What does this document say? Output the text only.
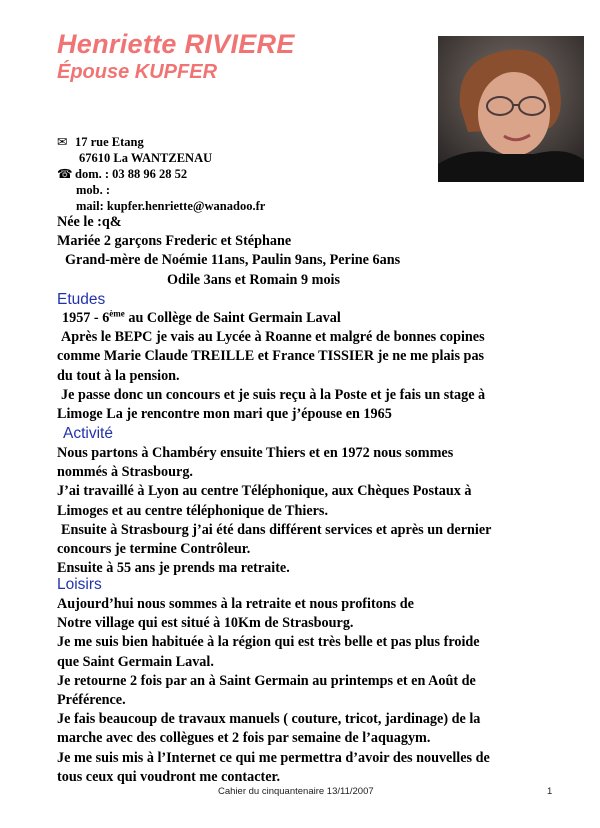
Henriette RIVIERE
Épouse KUPFER
✉ 17 rue Etang
67610 La WANTZENAU
☎ dom. : 03 88 96 28 52
mob. :
mail: kupfer.henriette@wanadoo.fr
Née le :q&
Mariée 2 garçons Frederic et Stéphane
Grand-mère de Noémie 11ans, Paulin 9ans, Perine 6ans
Odile 3ans et Romain 9 mois
Etudes
1957 - 6ème au Collège de Saint Germain Laval
Après le BEPC je vais au Lycée à Roanne et malgré de bonnes copines
comme Marie Claude TREILLE et France TISSIER je ne me plais pas
du tout à la pension.
Je passe donc un concours et je suis reçu à la Poste et je fais un stage à
Limoge La je rencontre mon mari que j’épouse en 1965
Activité
Nous partons à Chambéry ensuite Thiers et en 1972 nous sommes
nommés à Strasbourg.
J’ai travaillé à Lyon au centre Téléphonique, aux Chèques Postaux à
Limoges et au centre téléphonique de Thiers.
Ensuite à Strasbourg j’ai été dans différent services et après un dernier
concours je termine Contrôleur.
Ensuite à 55 ans je prends ma retraite.
Loisirs
Aujourd’hui nous sommes à la retraite et nous profitons de
Notre village qui est situé à 10Km de Strasbourg.
Je me suis bien habituée à la région qui est très belle et pas plus froide
que Saint Germain Laval.
Je retourne 2 fois par an à Saint Germain au printemps et en Août de
Préférence.
Je fais beaucoup de travaux manuels ( couture, tricot, jardinage) de la
marche avec des collègues et 2 fois par semaine de l’aquagym.
Je me suis mis à l’Internet ce qui me permettra d’avoir des nouvelles de
tous ceux qui voudront me contacter.
Cahier du cinquantenaire 13/11/2007	1
